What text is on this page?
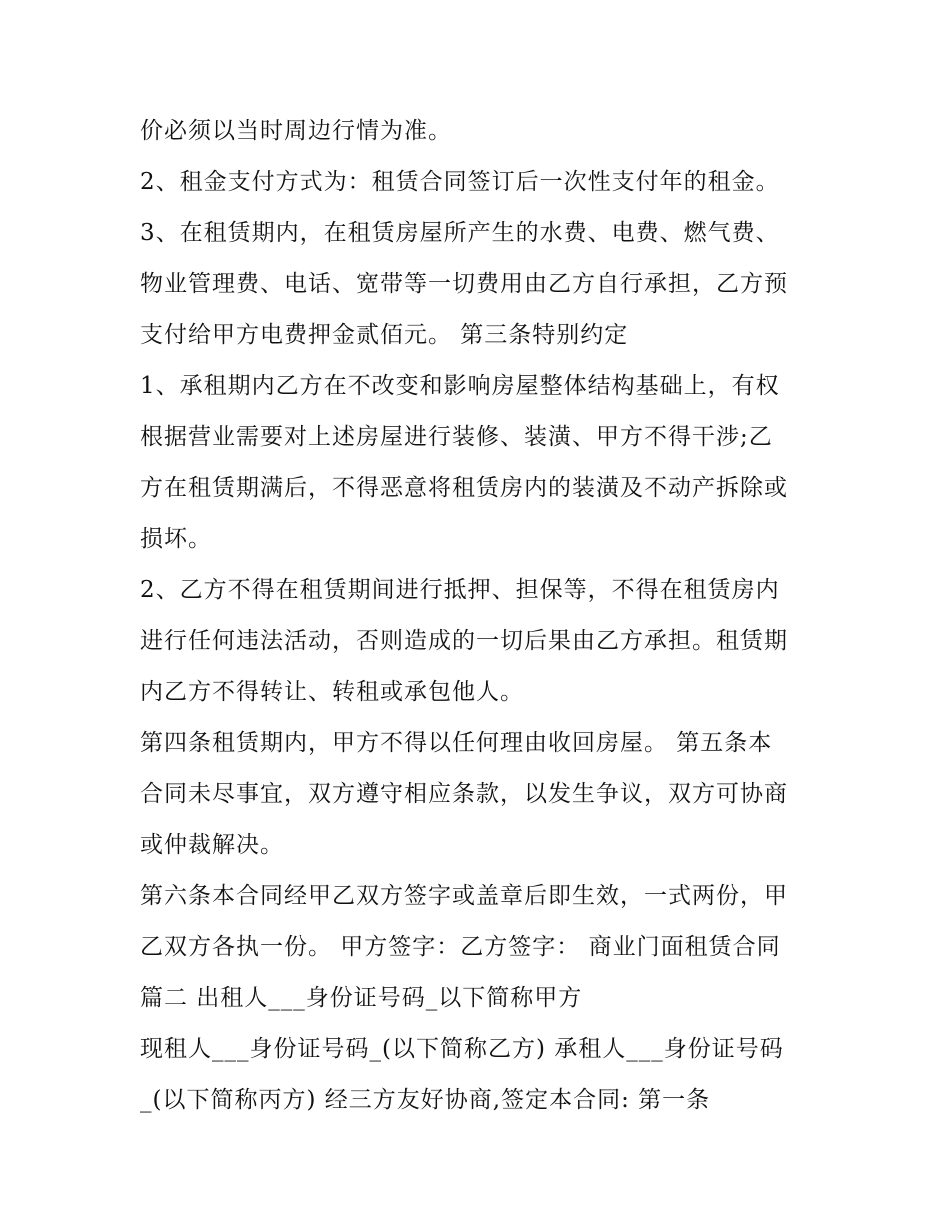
价必须以当时周边行情为准。

2、租金支付方式为：租赁合同签订后一次性支付年的租金。

3、在租赁期内，在租赁房屋所产生的水费、电费、燃气费、

物业管理费、电话、宽带等一切费用由乙方自行承担，乙方预

支付给甲方电费押金贰佰元。 第三条特别约定

1、承租期内乙方在不改变和影响房屋整体结构基础上，有权

根据营业需要对上述房屋进行装修、装潢、甲方不得干涉;乙

方在租赁期满后，不得恶意将租赁房内的装潢及不动产拆除或

损坏。

2、乙方不得在租赁期间进行抵押、担保等，不得在租赁房内

进行任何违法活动，否则造成的一切后果由乙方承担。租赁期

内乙方不得转让、转租或承包他人。

第四条租赁期内，甲方不得以任何理由收回房屋。 第五条本

合同未尽事宜，双方遵守相应条款，以发生争议，双方可协商

或仲裁解决。

第六条本合同经甲乙双方签字或盖章后即生效，一式两份，甲

乙双方各执一份。 甲方签字：乙方签字： 商业门面租赁合同

篇二 出租人___身份证号码_以下简称甲方

现租人___身份证号码_(以下简称乙方) 承租人___身份证号码

_(以下简称丙方) 经三方友好协商,签定本合同: 第一条
